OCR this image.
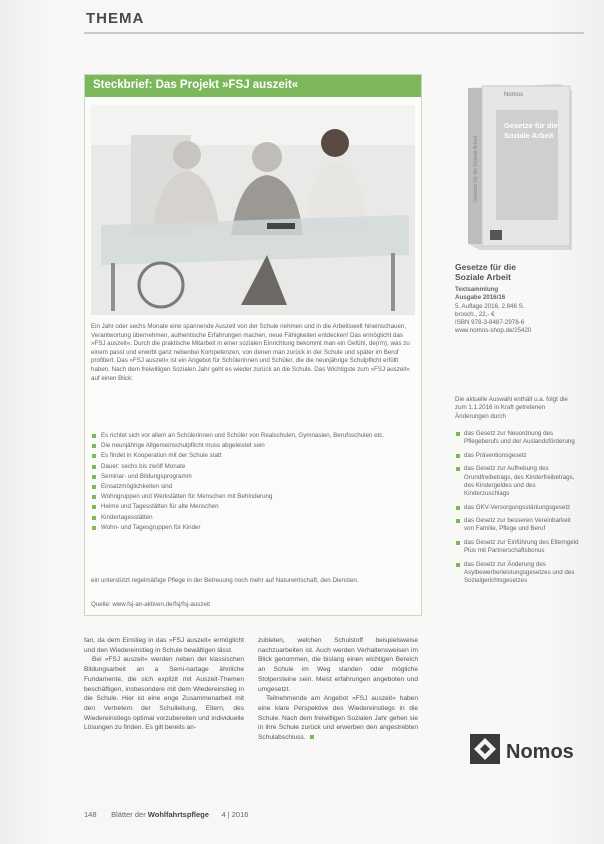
THEMA
Steckbrief: Das Projekt »FSJ auszeit«
Ein Jahr oder sechs Monate eine spannende Auszeit von der Schule nehmen und in die Arbeitswelt hineinschauen, Verantwortung übernehmen, authentische Erfahrungen machen, neue Fähigkeiten entdecken! Das ermöglicht das »FSJ auszeit«. Durch die praktische Mitarbeit in einer sozialen Einrichtung bekommt man ein Gefühl, de(r/n), was zu einem passt und erwirbt ganz nebenbei Kompetenzen, von denen man zurück in der Schule und später im Beruf profitiert. Das »FSJ auszeit« ist ein Angebot für Schülerinnen und Schüler, die die neunjährige Schulpflicht erfüllt haben. Nach dem freiwilligen Sozialen Jahr geht es wieder zurück an die Schule. Das Wichtigste zum »FSJ auszeit« auf einen Blick:
Es richtet sich vor allem an Schülerinnen und Schüler von Realschulen, Gymnasien, Berufsschulen etc.
Die neunjährige Allgemeinschulpflicht muss abgeleistet sein
Es findet in Kooperation mit der Schule statt
Dauer: sechs bis zwölf Monate
Seminar- und Bildungsprogramm
Einsatzmöglichkeiten sind
Wohngruppen und Werkstätten für Menschen mit Behinderung
Heime und Tagesstätten für alte Menschen
Kindertagesstätten
Wohn- und Tagesgruppen für Kinder
ein unterstützt regelmäßige Pflege in der Betreuung noch mehr auf Naturwirtschaft, den Diensten.
Quelle: www.fsj-an-aktiven.de/fsj/fsj-auszeit

fan, da dem Einstieg in das »FSJ auszeit« ermöglicht und den Wiedereinstieg in Schule bewältigen lässt.

Bei »FSJ auszeit« werden neben der klassischen Bildungsarbeit an a Semi-nartage ähnliche Fundamente, die sich explizit mit Auszeit-Themen beschäftigen, insbesondere mit dem Wiedereinstieg in die Schule. Hier ist eine enge Zusammenarbeit mit den Vertretern der Schulleitung, Eltern, des Wiedereinstiegs optimal vorzubereiten und individuelle Lösungen zu finden. Es gilt bereits an-

zubieten, welchen Schulstoff beispielsweise nachzuarbeiten ist. Auch werden Verhaltensweisen im Blick genommen, die bislang einen wichtigen Bereich an Schule im Weg standen oder mögliche Stolpersteine sein. Meist erfahrungen angeboten und umgesetzt.

Teilnehmende am Angebot »FSJ auszeit« haben eine klare Perspektive des Wiedereinstiegs in die Schule. Nach dem freiwilligen Sozialen Jahr gehen sie in ihre Schule zurück und erwerben den angestrebten Schulabschluss.

148 Blätter der Wohlfahrtspflege 4 | 2016
Nomos
Gesetze für die
Soziale Arbeit
Gesetze für die Soziale Arbeit
Gesetze für die
Soziale Arbeit
Textsammlung
Ausgabe 2016/16
5. Auflage 2016, 2.846 S.
brosch., 22,- €
ISBN 978-3-8487-2978-6
www.nomos-shop.de/25420
Die aktuelle Auswahl enthält u.a. folgt die zum 1.1.2016 in Kraft getretenen Änderungen durch
das Gesetz zur Neuordnung des Pflegeberufs und der Auslandsförderung
das Präventionsgesetz
das Gesetz zur Aufhebung des Grundfreibetrags, des Kinderfreibetrags, des Kindergeldes und des Kinderzuschlags
das GKV-Versorgungsstärkungsgesetz
das Gesetz zur besseren Vereinbarkeit von Familie, Pflege und Beruf
das Gesetz zur Einführung des Elterngeld Plus mit Partnerschaftsbonus
das Gesetz zur Änderung des Asylbewerberleistungsgesetzes und des Sozialgerichtsgesetzes
Nomos
